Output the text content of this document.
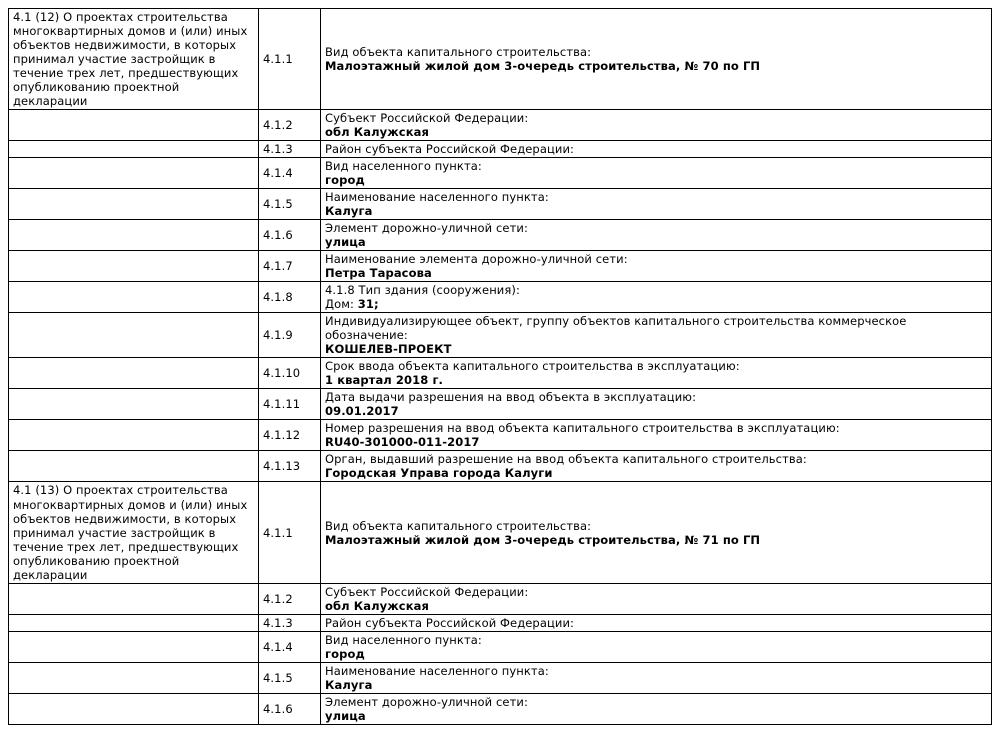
4.1 (12) О проектах строительства многоквартирных домов и (или) иных объектов недвижимости, в которых принимал участие застройщик в течение трех лет, предшествующих опубликованию проектной декларации	4.1.1	Вид объекта капитального строительства:
Малоэтажный жилой дом 3-очередь строительства, № 70 по ГП

	4.1.2	Субъект Российской Федерации:
обл Калужская

	4.1.3	Район субъекта Российской Федерации:

	4.1.4	Вид населенного пункта:
город

	4.1.5	Наименование населенного пункта:
Калуга

	4.1.6	Элемент дорожно-уличной сети:
улица

	4.1.7	Наименование элемента дорожно-уличной сети:
Петра Тарасова

	4.1.8	4.1.8 Тип здания (сооружения):
Дом: 31;

	4.1.9	Индивидуализирующее объект, группу объектов капитального строительства коммерческое обозначение:
КОШЕЛЕВ-ПРОЕКТ

	4.1.10	Срок ввода объекта капитального строительства в эксплуатацию:
1 квартал 2018 г.

	4.1.11	Дата выдачи разрешения на ввод объекта в эксплуатацию:
09.01.2017

	4.1.12	Номер разрешения на ввод объекта капитального строительства в эксплуатацию:
RU40-301000-011-2017

	4.1.13	Орган, выдавший разрешение на ввод объекта капитального строительства:
Городская Управа города Калуги

4.1 (13) О проектах строительства многоквартирных домов и (или) иных объектов недвижимости, в которых принимал участие застройщик в течение трех лет, предшествующих опубликованию проектной декларации	4.1.1	Вид объекта капитального строительства:
Малоэтажный жилой дом 3-очередь строительства, № 71 по ГП

	4.1.2	Субъект Российской Федерации:
обл Калужская

	4.1.3	Район субъекта Российской Федерации:

	4.1.4	Вид населенного пункта:
город

	4.1.5	Наименование населенного пункта:
Калуга

	4.1.6	Элемент дорожно-уличной сети:
улица
